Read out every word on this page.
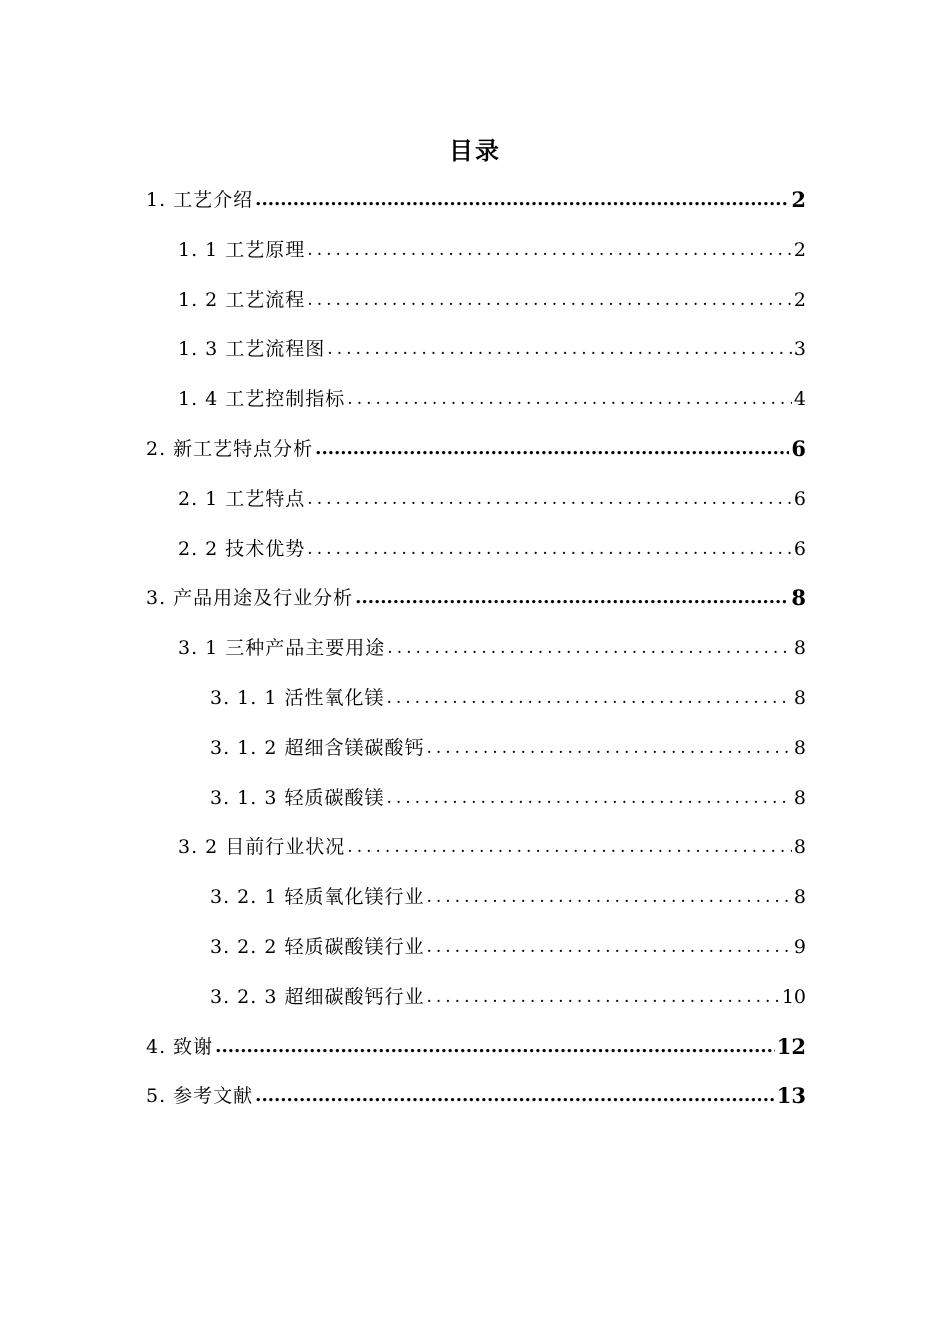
目录
1. 工艺介绍 .....	2
1. 1 工艺原理 .....	2
1. 2 工艺流程 .....	2
1. 3 工艺流程图 .....	3
1. 4 工艺控制指标 .....	4
2. 新工艺特点分析 .....	6
2. 1 工艺特点 .....	6
2. 2 技术优势 .....	6
3. 产品用途及行业分析 .....	8
3. 1 三种产品主要用途 .....	8
3. 1. 1 活性氧化镁 .....	8
3. 1. 2 超细含镁碳酸钙 .....	8
3. 1. 3 轻质碳酸镁 .....	8
3. 2 目前行业状况 .....	8
3. 2. 1 轻质氧化镁行业 .....	8
3. 2. 2 轻质碳酸镁行业 .....	9
3. 2. 3 超细碳酸钙行业 .....	10
4. 致谢 .....	12
5. 参考文献 .....	13
